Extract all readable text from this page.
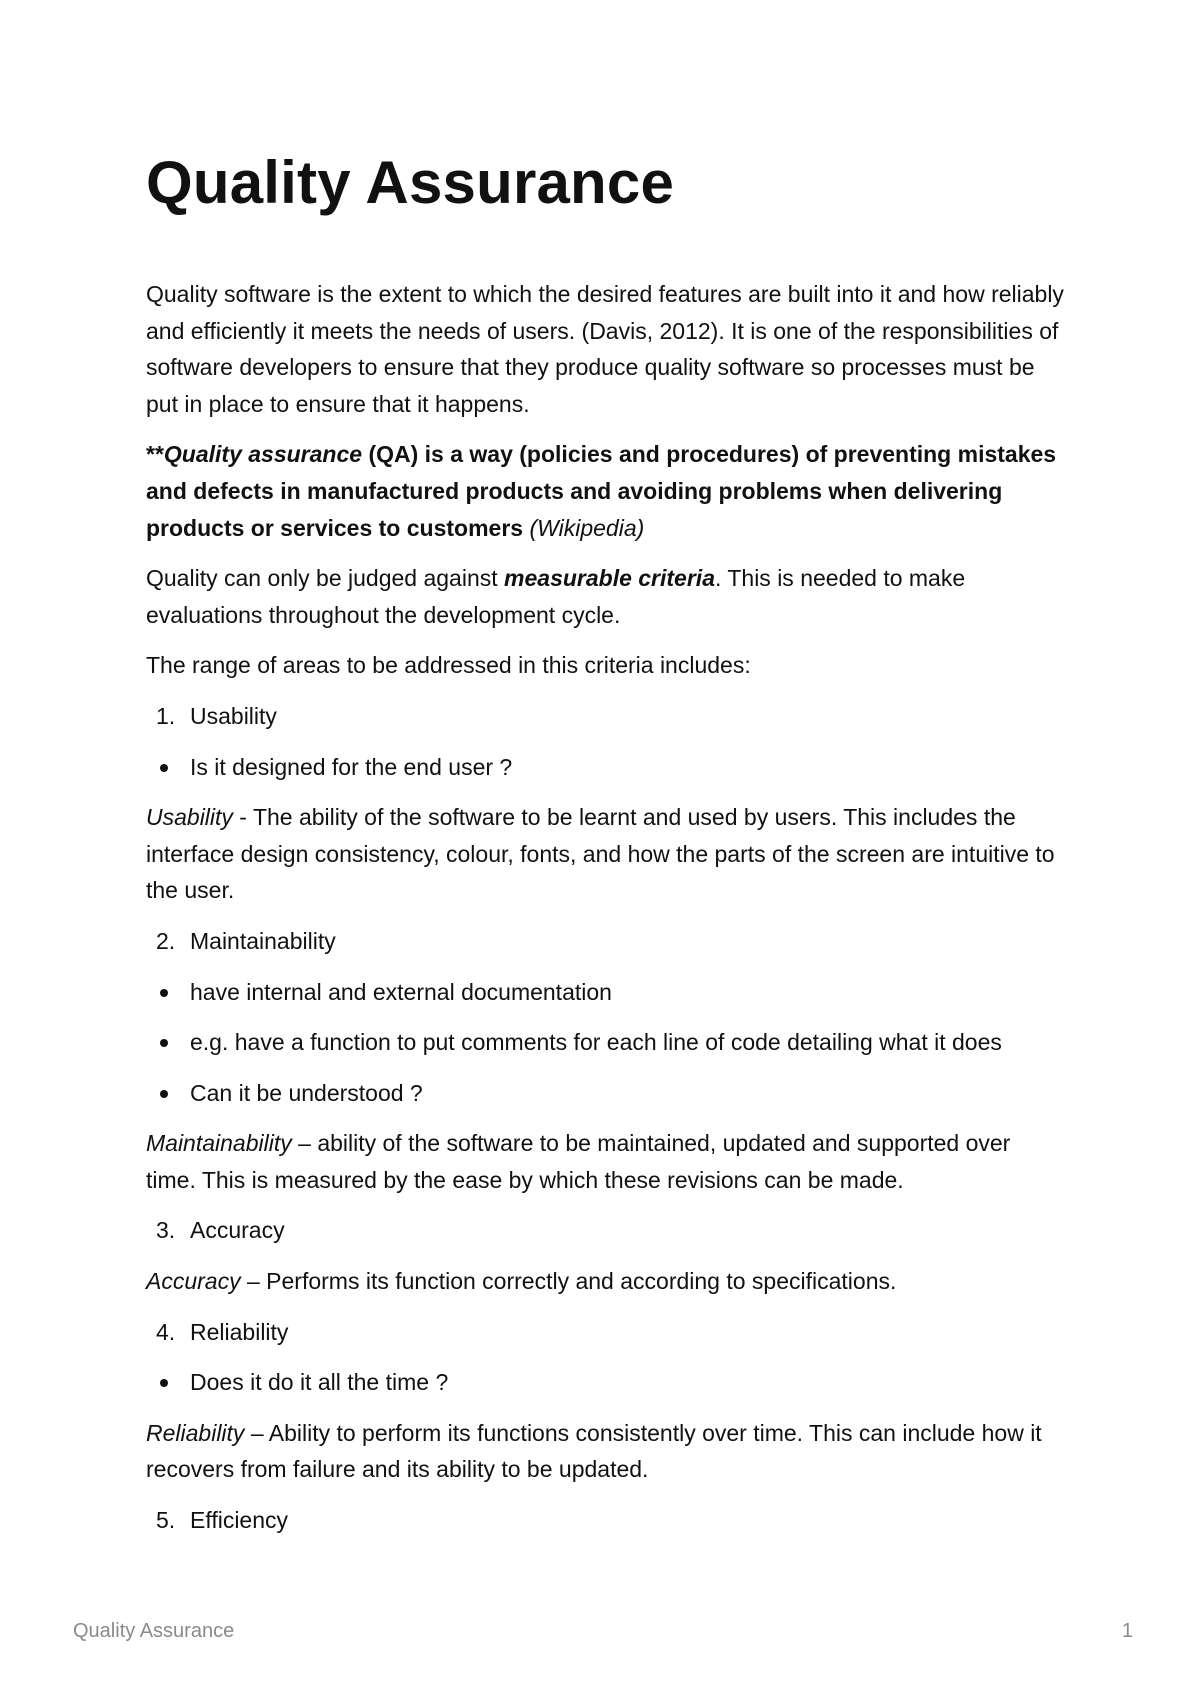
Quality Assurance

Quality software is the extent to which the desired features are built into it and how reliably and efficiently it meets the needs of users. (Davis, 2012). It is one of the responsibilities of software developers to ensure that they produce quality software so processes must be put in place to ensure that it happens.

**Quality assurance (QA) is a way (policies and procedures) of preventing mistakes and defects in manufactured products and avoiding problems when delivering products or services to customers (Wikipedia)

Quality can only be judged against measurable criteria. This is needed to make evaluations throughout the development cycle.

The range of areas to be addressed in this criteria includes:

1. Usability
Is it designed for the end user ?

Usability - The ability of the software to be learnt and used by users. This includes the interface design consistency, colour, fonts, and how the parts of the screen are intuitive to the user.

2. Maintainability
have internal and external documentation
e.g. have a function to put comments for each line of code detailing what it does
Can it be understood ?

Maintainability – ability of the software to be maintained, updated and supported over time. This is measured by the ease by which these revisions can be made.

3. Accuracy

Accuracy – Performs its function correctly and according to specifications.

4. Reliability
Does it do it all the time ?

Reliability – Ability to perform its functions consistently over time. This can include how it recovers from failure and its ability to be updated.

5. Efficiency
Quality Assurance	1
